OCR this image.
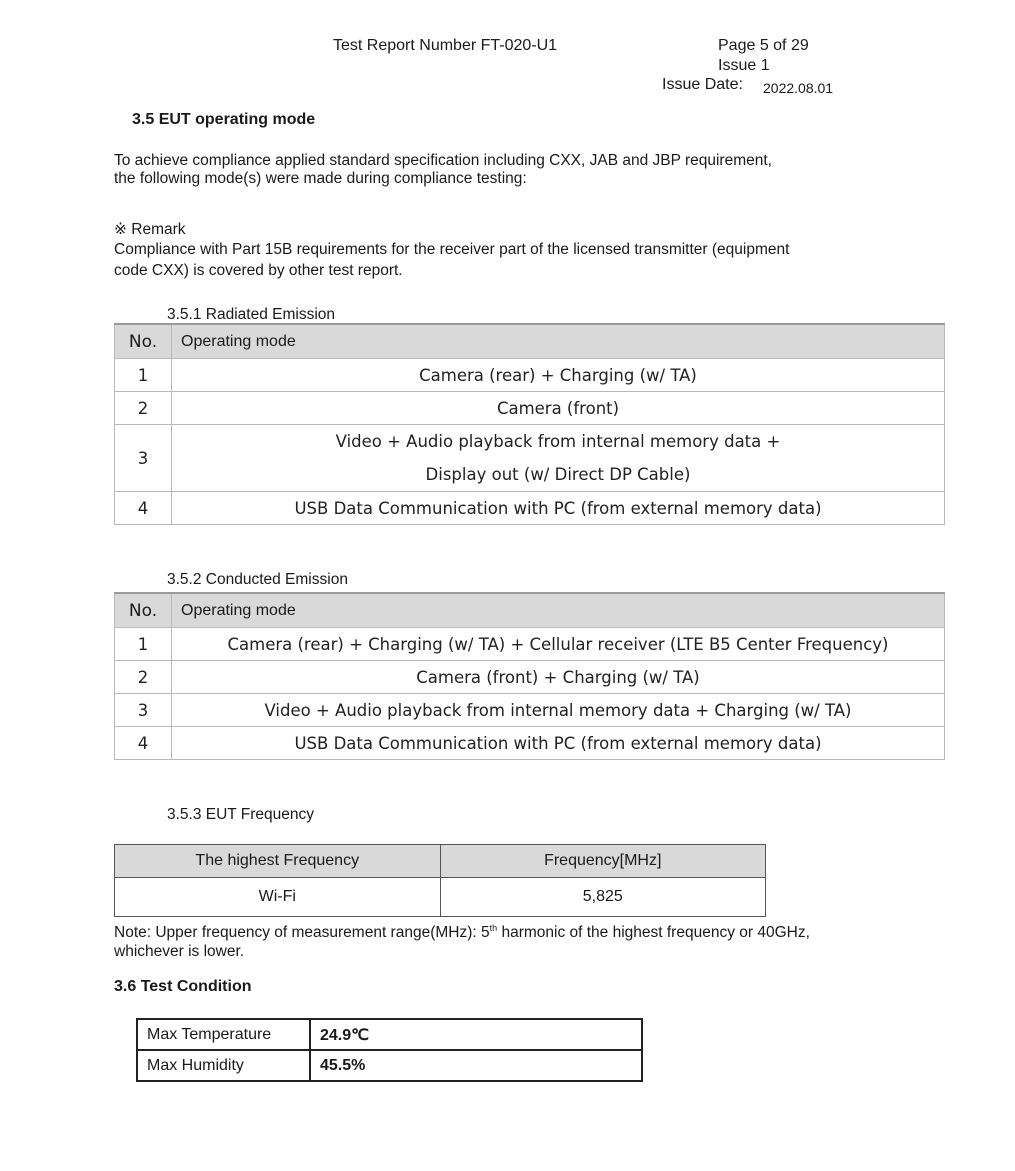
Test Report Number FT-020-U1	Page 5 of 29
Issue 1
Issue Date: 2022.08.01
3.5 EUT operating mode
To achieve compliance applied standard specification including CXX, JAB and JBP requirement,
the following mode(s) were made during compliance testing:
※ Remark
Compliance with Part 15B requirements for the receiver part of the licensed transmitter (equipment
code CXX) is covered by other test report.
3.5.1 Radiated Emission
No.	Operating mode
1	Camera (rear) + Charging (w/ TA)
2	Camera (front)
3	Video + Audio playback from internal memory data +
Display out (w/ Direct DP Cable)

4	USB Data Communication with PC (from external memory data)
3.5.2 Conducted Emission
No.	Operating mode
1	Camera (rear) + Charging (w/ TA) + Cellular receiver (LTE B5 Center Frequency)
2	Camera (front) + Charging (w/ TA)
3	Video + Audio playback from internal memory data + Charging (w/ TA)
4	USB Data Communication with PC (from external memory data)
3.5.3 EUT Frequency
The highest Frequency	Frequency[MHz]
Wi-Fi	5,825
Note: Upper frequency of measurement range(MHz): 5th harmonic of the highest frequency or 40GHz,
whichever is lower.
3.6 Test Condition
Max Temperature	24.9℃
Max Humidity	45.5%
